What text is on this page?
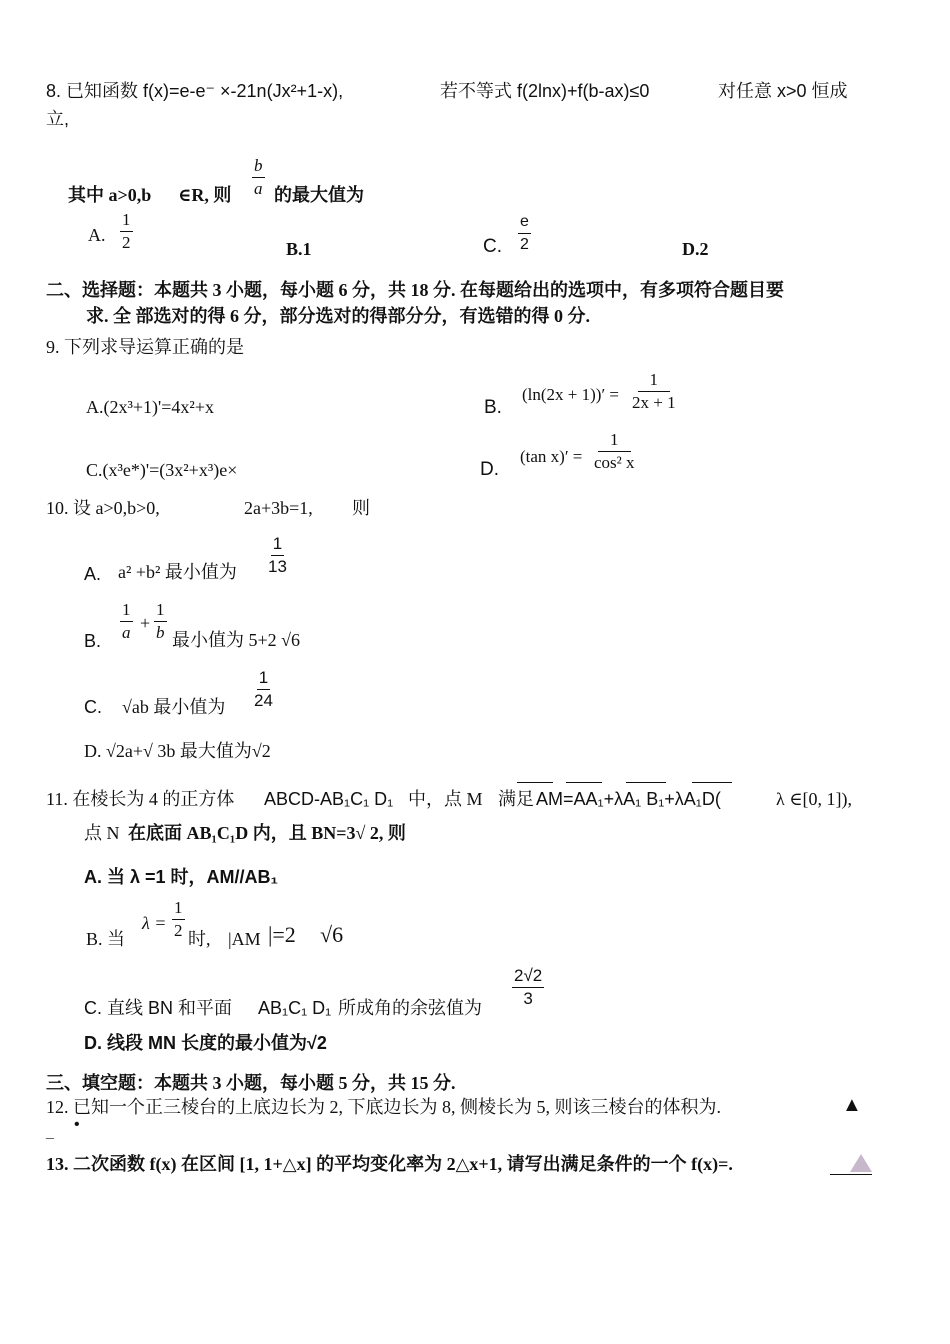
8. 已知函数 f(x)=e-e⁻ ×-21n(Jx²+1-x),	若不等式 f(2lnx)+f(b-ax)≤0	对任意 x>0 恒成
立,
其中 a>0,b ∈R, 则 $\frac{b}{a}$ 的最大值为
A. $\frac{1}{2}$	B.1	C. $\frac{e}{2}$	D.2
二、选择题：本题共 3 小题，每小题 6 分，共 18 分. 在每题给出的选项中，有多项符合题目要
求. 全 部选对的得 6 分，部分选对的得部分分，有选错的得 0 分.
9. 下列求导运算正确的是
A.(2x³+1)'=4x²+x	B.
$(\ln(2x + 1))' = \frac{1}{2x + 1}$
C.(x³e*)'=(3x²+x³)e×	D.
(tan $x)' = \frac{1}{\text{cos² x}}$
10. 设 a>0,b>0,	2a+3b=1, 则
A. a² +b² 最小值为 $\frac{1}{13}$
B. $\frac{1}{a} + \frac{1}{b}$ 最小值为 5+2 √6
C. √ab 最小值为 $\frac{1}{24}$
D. √2a+√ 3b 最大值为√2
11. 在棱长为 4 的正方体 ABCD-AB₁C₁ D₁ 中，点 M 满足 AM=AA₁+λA₁ B₁+λA₁D(	λ ∈[0, 1]),
点 N 在底面 AB₁C₁D 内，且 BN=3√ 2, 则
A. 当 λ =1 时，AM//AB₁
B. 当
$\lambda = \frac{1}{2}$ 时, |AM |=2 √6
C. 直线 BN 和平面 AB₁C₁ D₁ 所成角的余弦值为 $\frac{2√2}{3}$
D. 线段 MN 长度的最小值为√2
三、填空题：本题共 3 小题，每小题 5 分，共 15 分.
12. 已知一个正三棱台的上底边长为 2, 下底边长为 8, 侧棱长为 5, 则该三棱台的体积为.	▲
_ •
13. 二次函数 f(x) 在区间 [1, 1+△x] 的平均变化率为 2△x+1, 请写出满足条件的一个 f(x)=.
